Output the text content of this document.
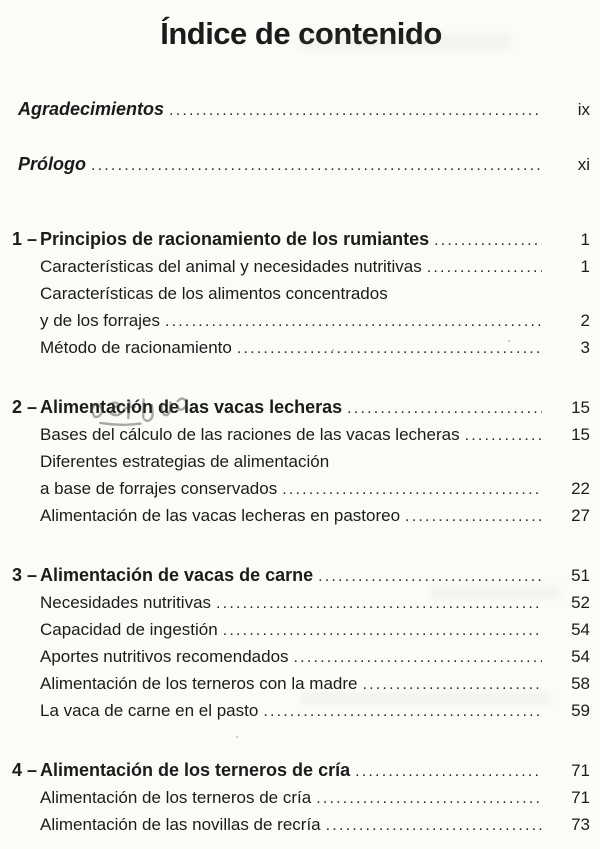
Índice de contenido
Agradecimientos .....	ix
Prólogo .....	xi
1 – Principios de racionamiento de los rumiantes .....	1
Características del animal y necesidades nutritivas .....	1
Características de los alimentos concentrados
y de los forrajes .....	2
Método de racionamiento .....	3
2 – Alimentación de las vacas lecheras .....	15
Bases del cálculo de las raciones de las vacas lecheras .....	15
Diferentes estrategias de alimentación
a base de forrajes conservados .....	22
Alimentación de las vacas lecheras en pastoreo .....	27
3 – Alimentación de vacas de carne .....	51
Necesidades nutritivas .....	52
Capacidad de ingestión .....	54
Aportes nutritivos recomendados .....	54
Alimentación de los terneros con la madre .....	58
La vaca de carne en el pasto .....	59
4 – Alimentación de los terneros de cría .....	71
Alimentación de los terneros de cría .....	71
Alimentación de las novillas de recría .....	73
